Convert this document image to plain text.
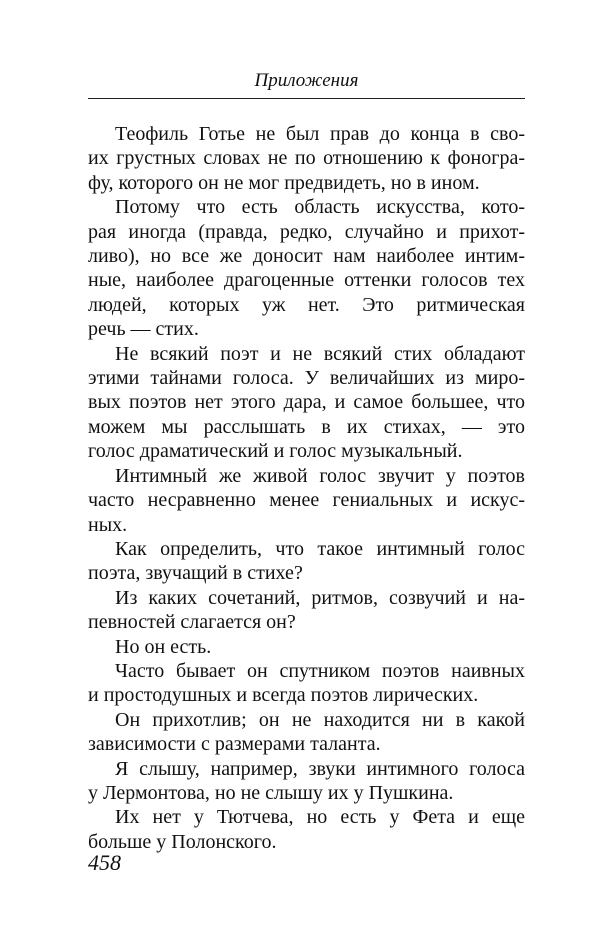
Приложения
Теофиль Готье не был прав до конца в сво-
их грустных словах не по отношению к фоногра-
фу, которого он не мог предвидеть, но в ином.
Потому что есть область искусства, кото-
рая иногда (правда, редко, случайно и прихот-
ливо), но все же доносит нам наиболее интим-
ные, наиболее драгоценные оттенки голосов тех
людей, которых уж нет. Это ритмическая
речь — стих.
Не всякий поэт и не всякий стих обладают
этими тайнами голоса. У величайших из миро-
вых поэтов нет этого дара, и самое большее, что
можем мы расслышать в их стихах, — это
голос драматический и голос музыкальный.
Интимный же живой голос звучит у поэтов
часто несравненно менее гениальных и искус-
ных.
Как определить, что такое интимный голос
поэта, звучащий в стихе?
Из каких сочетаний, ритмов, созвучий и на-
певностей слагается он?
Но он есть.
Часто бывает он спутником поэтов наивных
и простодушных и всегда поэтов лирических.
Он прихотлив; он не находится ни в какой
зависимости с размерами таланта.
Я слышу, например, звуки интимного голоса
у Лермонтова, но не слышу их у Пушкина.
Их нет у Тютчева, но есть у Фета и еще
больше у Полонского.
458
